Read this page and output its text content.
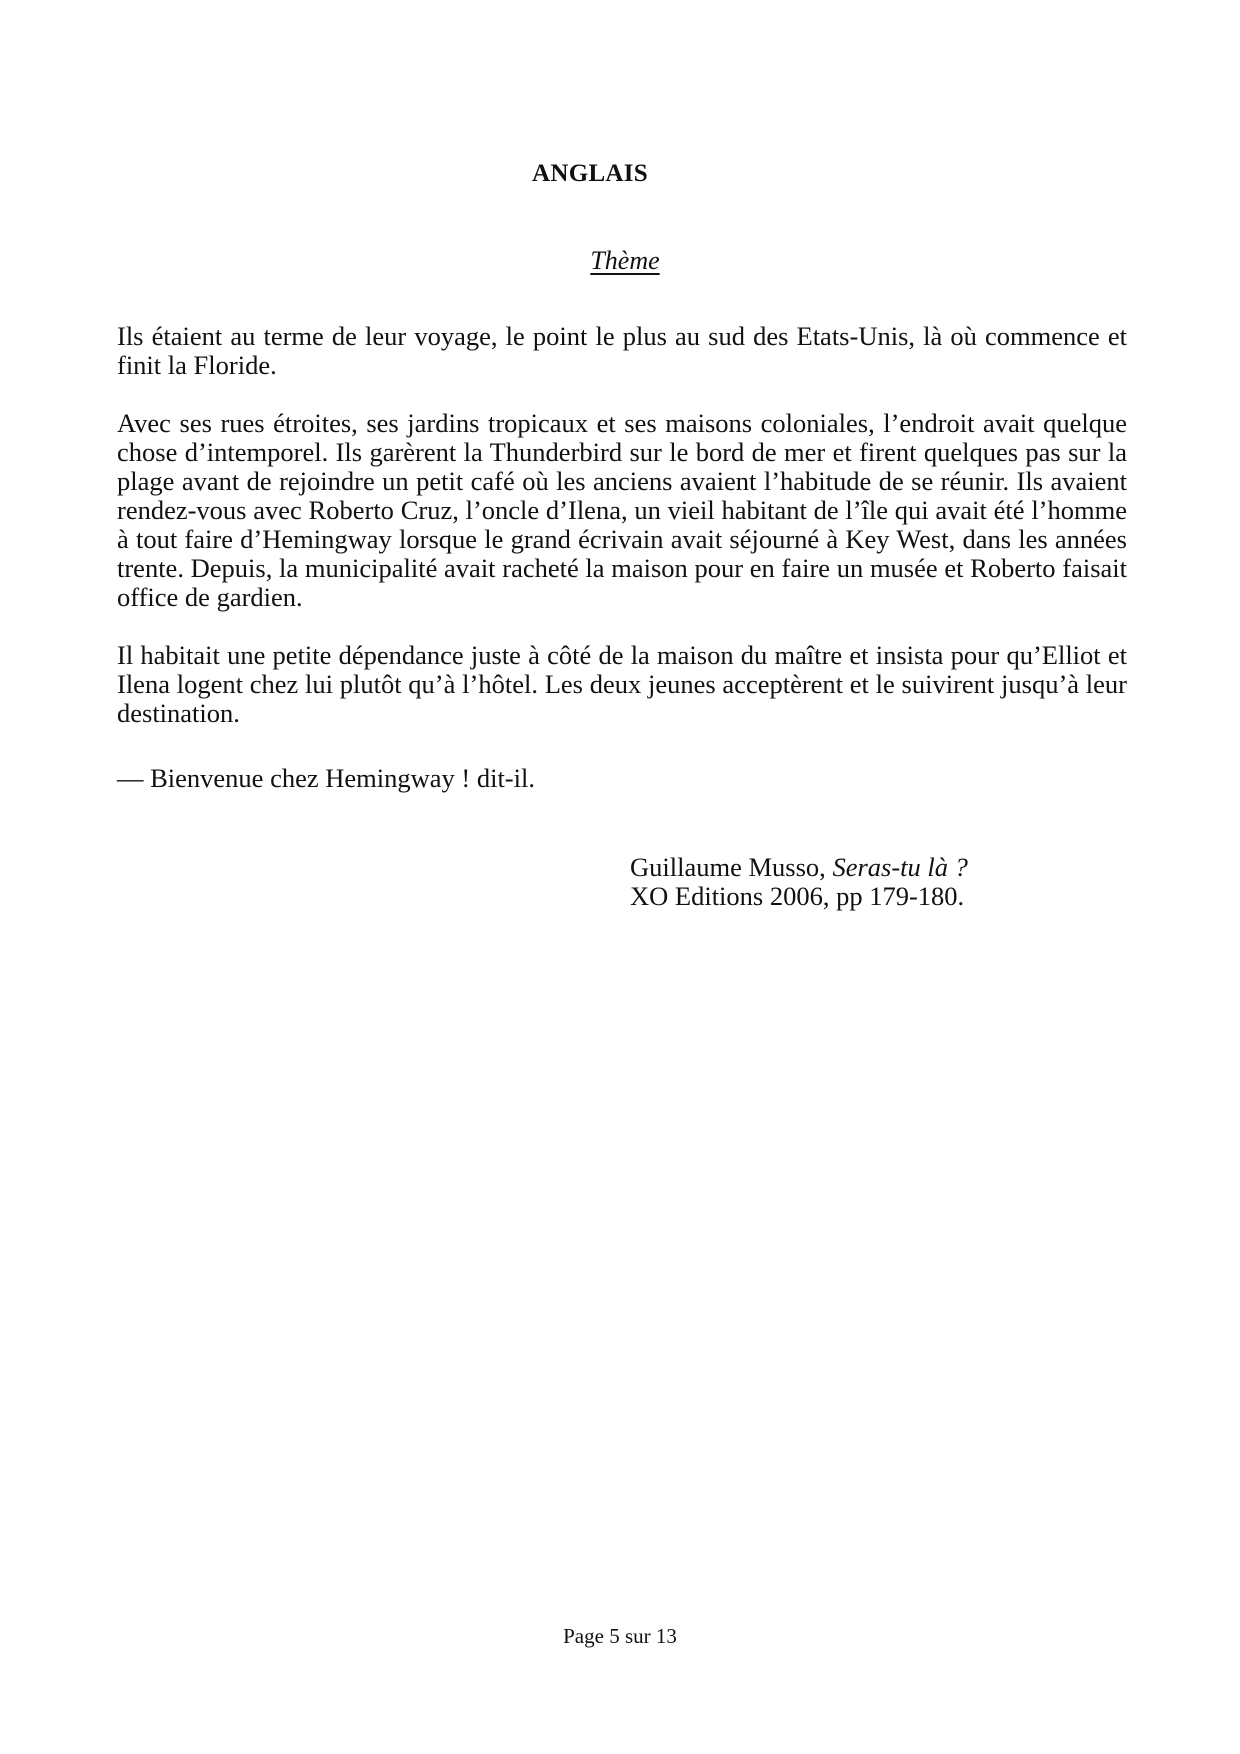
ANGLAIS
Thème

Ils étaient au terme de leur voyage, le point le plus au sud des Etats-Unis, là où commence et finit la Floride.

Avec ses rues étroites, ses jardins tropicaux et ses maisons coloniales, l’endroit avait quelque chose d’intemporel. Ils garèrent la Thunderbird sur le bord de mer et firent quelques pas sur la plage avant de rejoindre un petit café où les anciens avaient l’habitude de se réunir. Ils avaient rendez-vous avec Roberto Cruz, l’oncle d’Ilena, un vieil habitant de l’île qui avait été l’homme à tout faire d’Hemingway lorsque le grand écrivain avait séjourné à Key West, dans les années trente. Depuis, la municipalité avait racheté la maison pour en faire un musée et Roberto faisait office de gardien.

Il habitait une petite dépendance juste à côté de la maison du maître et insista pour qu’Elliot et Ilena logent chez lui plutôt qu’à l’hôtel. Les deux jeunes acceptèrent et le suivirent jusqu’à leur destination.

— Bienvenue chez Hemingway ! dit-il.
Guillaume Musso, Seras-tu là ?
XO Editions 2006, pp 179-180.
Page 5 sur 13
